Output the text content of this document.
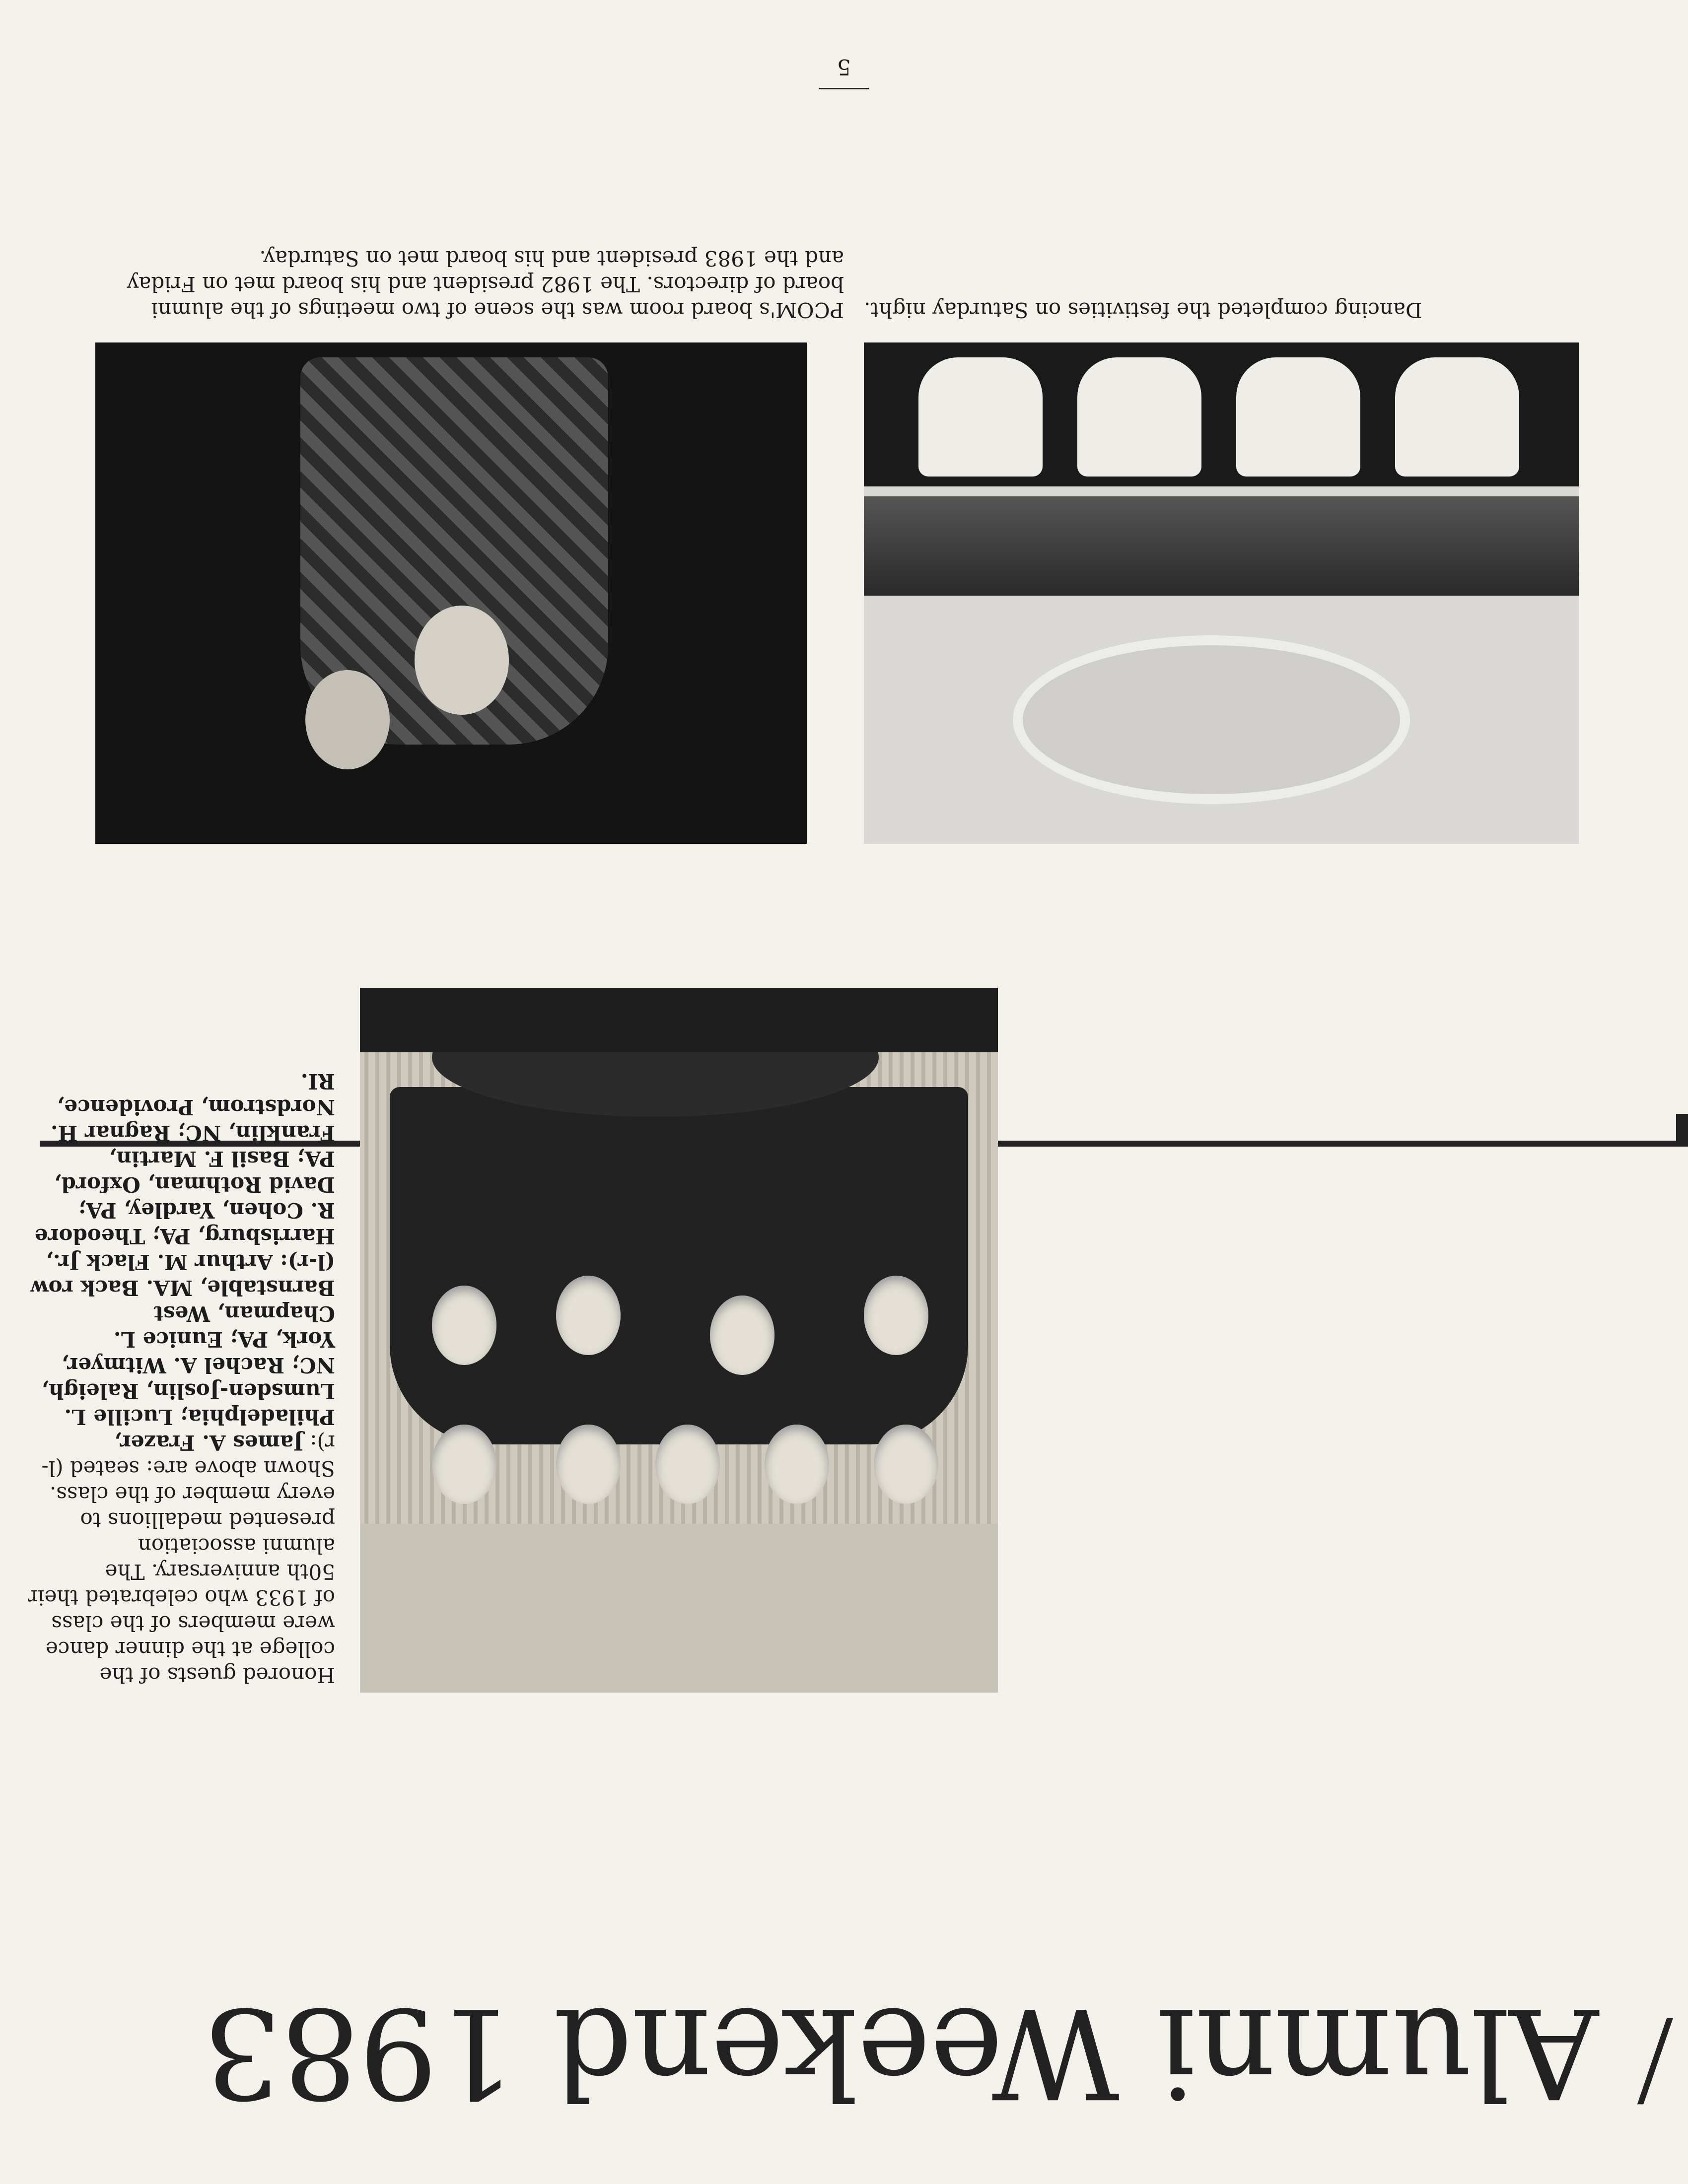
/
Alumni Weekend 1983
Honored guests of the college at the dinner dance were members of the class of 1933 who celebrated their 50th anniversary. The alumni association presented medallions to every member of the class. Shown above are: seated (l-r): James A. Frazer, Philadelphia; Lucille L. Lumsden-Joslin, Raleigh, NC; Rachel A. Witmyer, York, PA; Eunice L. Chapman, West Barnstable, MA. Back row (l-r): Arthur M. Flack Jr., Harrisburg, PA; Theodore R. Cohen, Yardley, PA; David Rothman, Oxford, PA; Basil F. Martin, Franklin, NC; Ragnar H. Nordstrom, Providence, RI.
PCOM's board room was the scene of two meetings of the alumni board of directors. The 1982 president and his board met on Friday and the 1983 president and his board met on Saturday.
Dancing completed the festivities on Saturday night.
5
